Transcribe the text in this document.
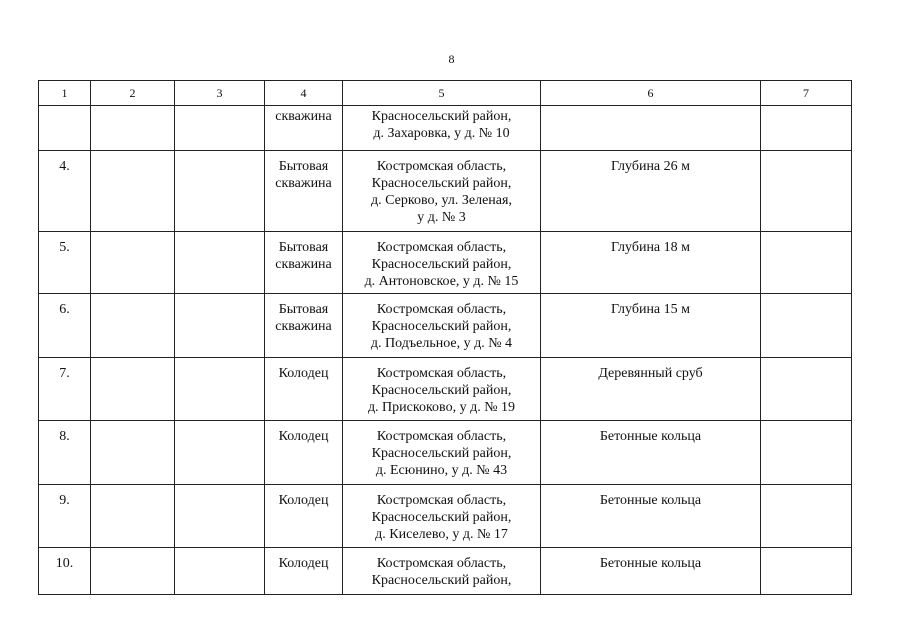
8
1	2	3	4	5	6	7

			скважина	Красносельский район,
д. Захаровка, у д. № 10		

4.			Бытовая
скважина	Костромская область,
Красносельский район,
д. Серково, ул. Зеленая,
у д. № 3	Глубина 26 м	

5.			Бытовая
скважина	Костромская область,
Красносельский район,
д. Антоновское, у д. № 15	Глубина 18 м	

6.			Бытовая
скважина	Костромская область,
Красносельский район,
д. Подъельное, у д. № 4	Глубина 15 м	

7.			Колодец	Костромская область,
Красносельский район,
д. Прискоково, у д. № 19	Деревянный сруб	

8.			Колодец	Костромская область,
Красносельский район,
д. Есюнино, у д. № 43	Бетонные кольца	

9.			Колодец	Костромская область,
Красносельский район,
д. Киселево, у д. № 17	Бетонные кольца	

10.			Колодец	Костромская область,
Красносельский район,	Бетонные кольца	
